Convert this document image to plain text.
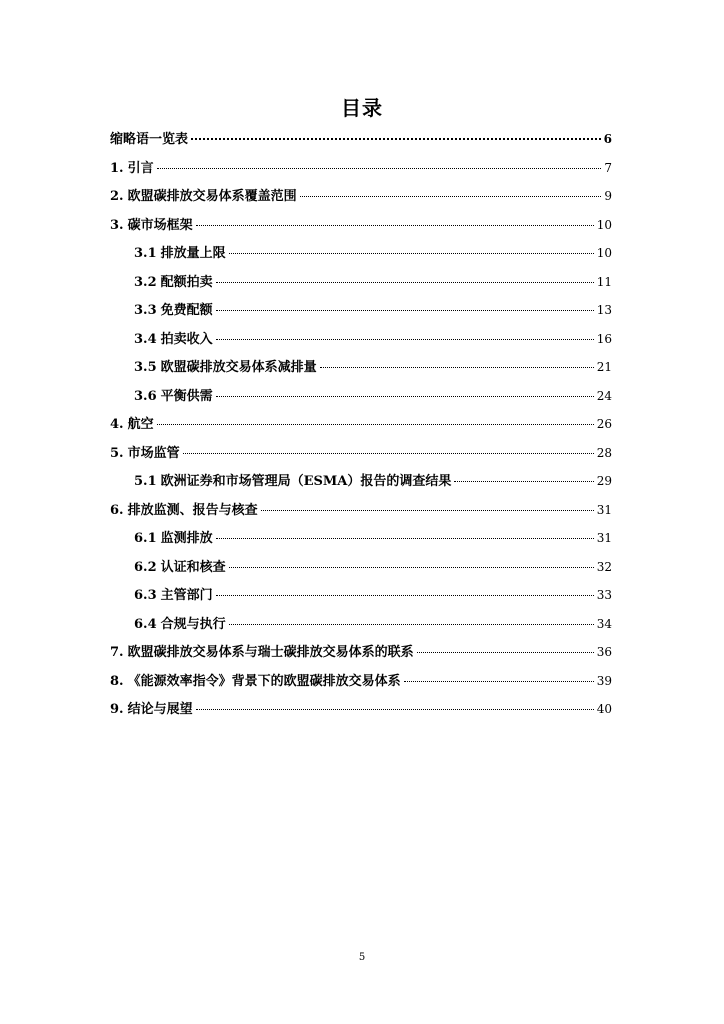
目录
缩略语一览表	6
1. 引言	7
2. 欧盟碳排放交易体系覆盖范围	9
3. 碳市场框架	10
3.1 排放量上限	10
3.2 配额拍卖	11
3.3 免费配额	13
3.4 拍卖收入	16
3.5 欧盟碳排放交易体系减排量	21
3.6 平衡供需	24
4. 航空	26
5. 市场监管	28
5.1 欧洲证券和市场管理局（ESMA）报告的调查结果	29
6. 排放监测、报告与核查	31
6.1 监测排放	31
6.2 认证和核查	32
6.3 主管部门	33
6.4 合规与执行	34
7. 欧盟碳排放交易体系与瑞士碳排放交易体系的联系	36
8. 《能源效率指令》背景下的欧盟碳排放交易体系	39
9. 结论与展望	40
5
